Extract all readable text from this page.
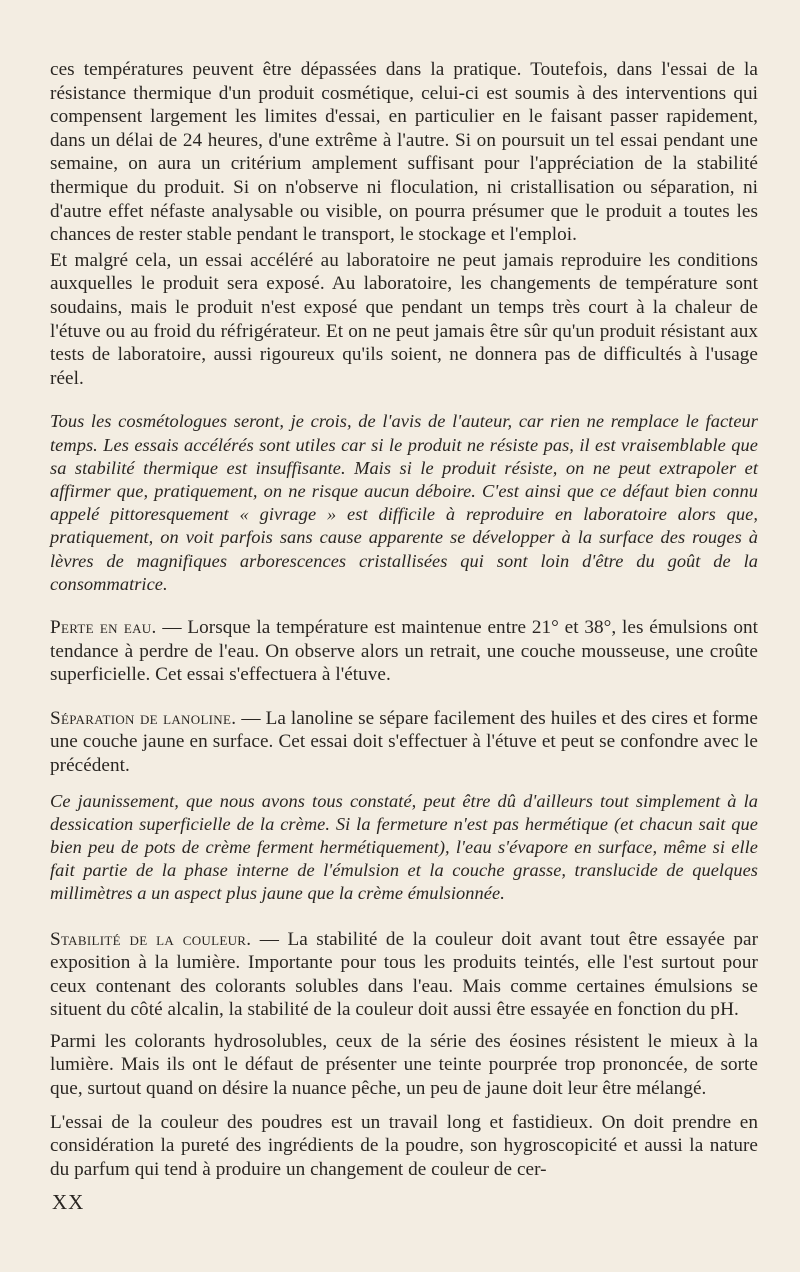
ces températures peuvent être dépassées dans la pratique. Toutefois, dans l'essai de la résistance thermique d'un produit cosmétique, celui-ci est soumis à des interventions qui compensent largement les limites d'essai, en particulier en le faisant passer rapidement, dans un délai de 24 heures, d'une extrême à l'autre. Si on poursuit un tel essai pendant une semaine, on aura un critérium amplement suffisant pour l'appréciation de la stabilité thermique du produit. Si on n'observe ni floculation, ni cristallisation ou séparation, ni d'autre effet néfaste analysable ou visible, on pourra présumer que le produit a toutes les chances de rester stable pendant le transport, le stockage et l'emploi.

Et malgré cela, un essai accéléré au laboratoire ne peut jamais reproduire les conditions auxquelles le produit sera exposé. Au laboratoire, les changements de température sont soudains, mais le produit n'est exposé que pendant un temps très court à la chaleur de l'étuve ou au froid du réfrigérateur. Et on ne peut jamais être sûr qu'un produit résistant aux tests de laboratoire, aussi rigoureux qu'ils soient, ne donnera pas de difficultés à l'usage réel.

Tous les cosmétologues seront, je crois, de l'avis de l'auteur, car rien ne remplace le facteur temps. Les essais accélérés sont utiles car si le produit ne résiste pas, il est vraisemblable que sa stabilité thermique est insuffisante. Mais si le produit résiste, on ne peut extrapoler et affirmer que, pratiquement, on ne risque aucun déboire. C'est ainsi que ce défaut bien connu appelé pittoresquement « givrage » est difficile à reproduire en laboratoire alors que, pratiquement, on voit parfois sans cause apparente se développer à la surface des rouges à lèvres de magnifiques arborescences cristallisées qui sont loin d'être du goût de la consommatrice.

Perte en eau. — Lorsque la température est maintenue entre 21° et 38°, les émulsions ont tendance à perdre de l'eau. On observe alors un retrait, une couche mousseuse, une croûte superficielle. Cet essai s'effectuera à l'étuve.

Séparation de lanoline. — La lanoline se sépare facilement des huiles et des cires et forme une couche jaune en surface. Cet essai doit s'effectuer à l'étuve et peut se confondre avec le précédent.

Ce jaunissement, que nous avons tous constaté, peut être dû d'ailleurs tout simplement à la dessication superficielle de la crème. Si la fermeture n'est pas hermétique (et chacun sait que bien peu de pots de crème ferment hermétiquement), l'eau s'évapore en surface, même si elle fait partie de la phase interne de l'émulsion et la couche grasse, translucide de quelques millimètres a un aspect plus jaune que la crème émulsionnée.

Stabilité de la couleur. — La stabilité de la couleur doit avant tout être essayée par exposition à la lumière. Importante pour tous les produits teintés, elle l'est surtout pour ceux contenant des colorants solubles dans l'eau. Mais comme certaines émulsions se situent du côté alcalin, la stabilité de la couleur doit aussi être essayée en fonction du pH.

Parmi les colorants hydrosolubles, ceux de la série des éosines résistent le mieux à la lumière. Mais ils ont le défaut de présenter une teinte pourprée trop prononcée, de sorte que, surtout quand on désire la nuance pêche, un peu de jaune doit leur être mélangé.

L'essai de la couleur des poudres est un travail long et fastidieux. On doit prendre en considération la pureté des ingrédients de la poudre, son hygroscopicité et aussi la nature du parfum qui tend à produire un changement de couleur de cer-

XX
